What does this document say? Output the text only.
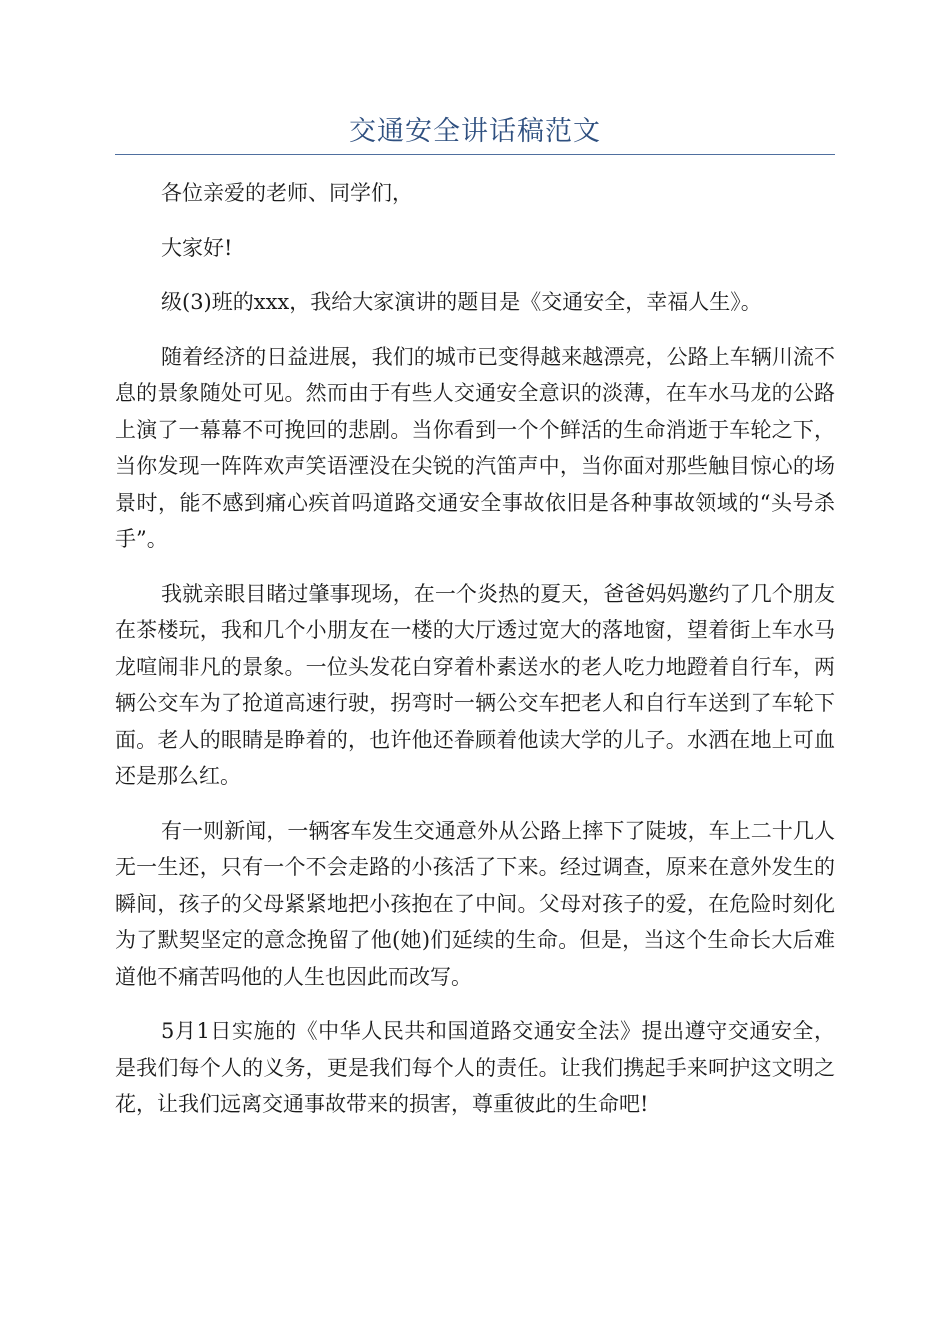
交通安全讲话稿范文

各位亲爱的老师、同学们，

大家好!

级(3)班的xxx，我给大家演讲的题目是《交通安全，幸福人生》。

随着经济的日益进展，我们的城市已变得越来越漂亮，公路上车辆川流不息的景象随处可见。然而由于有些人交通安全意识的淡薄，在车水马龙的公路上演了一幕幕不可挽回的悲剧。当你看到一个个鲜活的生命消逝于车轮之下，当你发现一阵阵欢声笑语湮没在尖锐的汽笛声中，当你面对那些触目惊心的场景时，能不感到痛心疾首吗道路交通安全事故依旧是各种事故领域的“头号杀手”。

我就亲眼目睹过肇事现场，在一个炎热的夏天，爸爸妈妈邀约了几个朋友在茶楼玩，我和几个小朋友在一楼的大厅透过宽大的落地窗，望着街上车水马龙喧闹非凡的景象。一位头发花白穿着朴素送水的老人吃力地蹬着自行车，两辆公交车为了抢道高速行驶，拐弯时一辆公交车把老人和自行车送到了车轮下面。老人的眼睛是睁着的，也许他还眷顾着他读大学的儿子。水洒在地上可血还是那么红。

有一则新闻，一辆客车发生交通意外从公路上摔下了陡坡，车上二十几人无一生还，只有一个不会走路的小孩活了下来。经过调查，原来在意外发生的瞬间，孩子的父母紧紧地把小孩抱在了中间。父母对孩子的爱，在危险时刻化为了默契坚定的意念挽留了他(她)们延续的生命。但是，当这个生命长大后难道他不痛苦吗他的人生也因此而改写。

5月1日实施的《中华人民共和国道路交通安全法》提出遵守交通安全，是我们每个人的义务，更是我们每个人的责任。让我们携起手来呵护这文明之花，让我们远离交通事故带来的损害，尊重彼此的生命吧!
